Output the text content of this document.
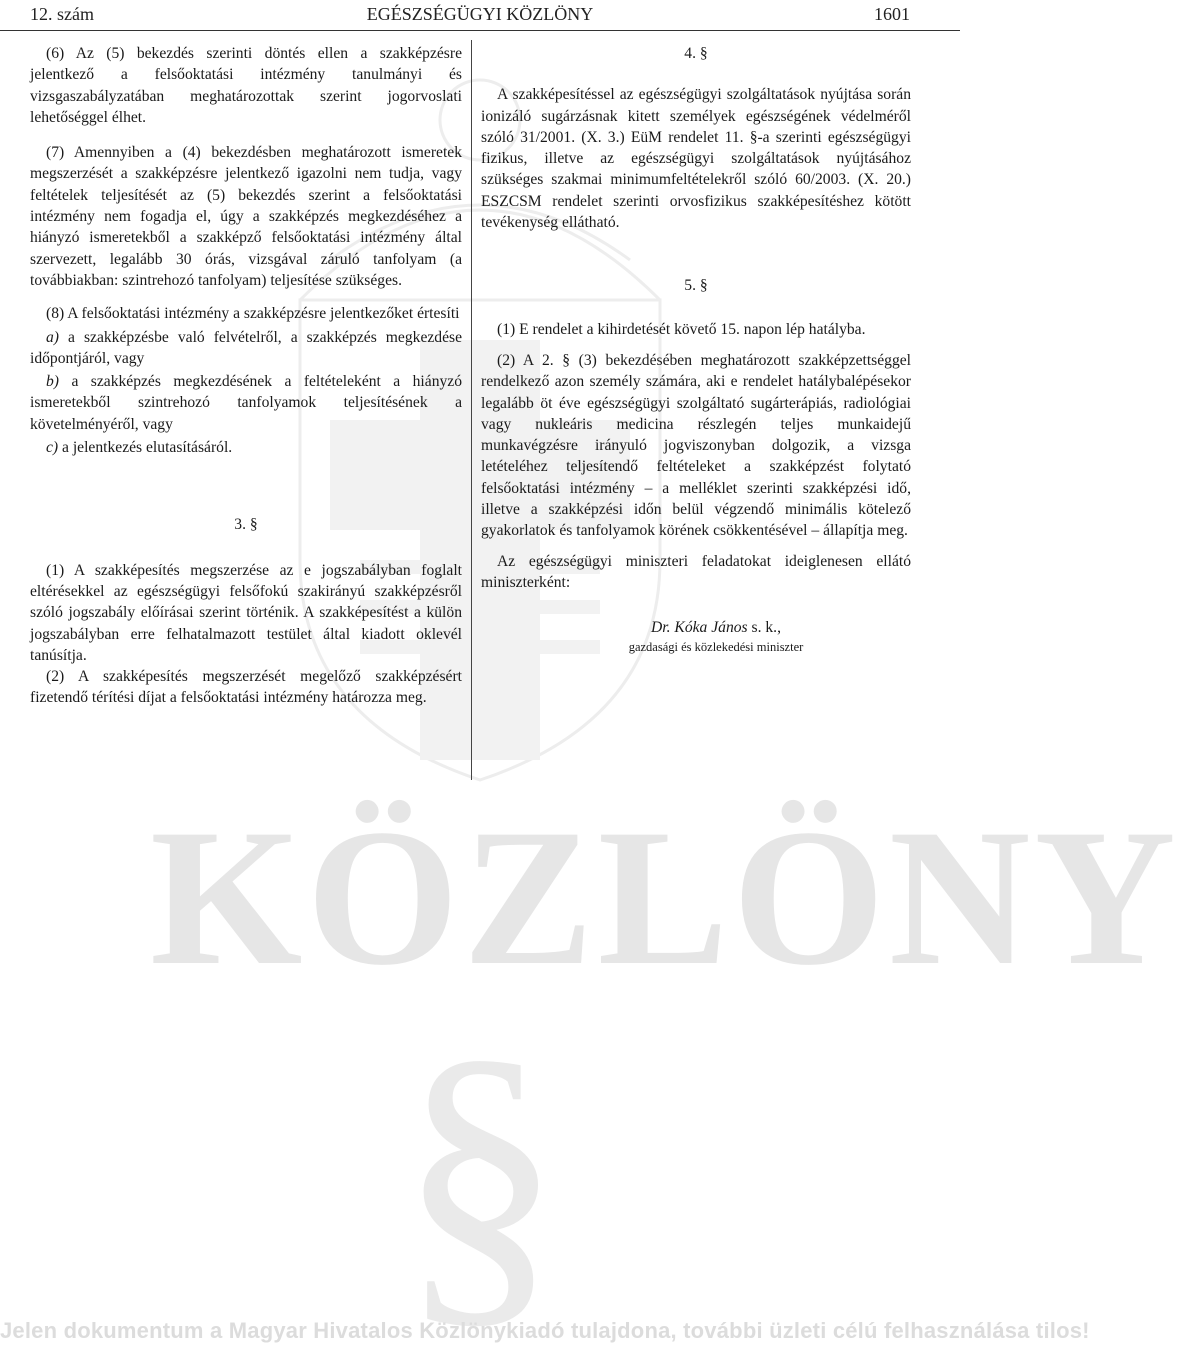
KÖZLÖNY
§
Jelen dokumentum a Magyar Hivatalos Közlönykiadó tulajdona, további üzleti célú felhasználása tilos!
12. szám	EGÉSZSÉGÜGYI KÖZLÖNY	1601

(6) Az (5) bekezdés szerinti döntés ellen a szakképzésre jelentkező a felsőoktatási intézmény tanulmányi és vizsgaszabályzatában meghatározottak szerint jogorvoslati lehetőséggel élhet.

(7) Amennyiben a (4) bekezdésben meghatározott ismeretek megszerzését a szakképzésre jelentkező igazolni nem tudja, vagy feltételek teljesítését az (5) bekezdés szerint a felsőoktatási intézmény nem fogadja el, úgy a szakképzés megkezdéséhez a hiányzó ismeretekből a szakképző felsőoktatási intézmény által szervezett, legalább 30 órás, vizsgával záruló tanfolyam (a továbbiakban: szintrehozó tanfolyam) teljesítése szükséges.

(8) A felsőoktatási intézmény a szakképzésre jelentkezőket értesíti

a) a szakképzésbe való felvételről, a szakképzés megkezdése időpontjáról, vagy

b) a szakképzés megkezdésének a feltételeként a hiányzó ismeretekből szintrehozó tanfolyamok teljesítésének a követelményéről, vagy

c) a jelentkezés elutasításáról.

3. §

(1) A szakképesítés megszerzése az e jogszabályban foglalt eltérésekkel az egészségügyi felsőfokú szakirányú szakképzésről szóló jogszabály előírásai szerint történik. A szakképesítést a külön jogszabályban erre felhatalmazott testület által kiadott oklevél tanúsítja.

(2) A szakképesítés megszerzését megelőző szakképzésért fizetendő térítési díjat a felsőoktatási intézmény határozza meg.

4. §

A szakképesítéssel az egészségügyi szolgáltatások nyújtása során ionizáló sugárzásnak kitett személyek egészségének védelméről szóló 31/2001. (X. 3.) EüM rendelet 11. §-a szerinti egészségügyi fizikus, illetve az egészségügyi szolgáltatások nyújtásához szükséges szakmai minimumfeltételekről szóló 60/2003. (X. 20.) ESZCSM rendelet szerinti orvosfizikus szakképesítéshez kötött tevékenység ellátható.

5. §

(1) E rendelet a kihirdetését követő 15. napon lép hatályba.

(2) A 2. § (3) bekezdésében meghatározott szakképzettséggel rendelkező azon személy számára, aki e rendelet hatálybalépésekor legalább öt éve egészségügyi szolgáltató sugárterápiás, radiológiai vagy nukleáris medicina részlegén teljes munkaidejű munkavégzésre irányuló jogviszonyban dolgozik, a vizsga letételéhez teljesítendő feltételeket a szakképzést folytató felsőoktatási intézmény – a melléklet szerinti szakképzési idő, illetve a szakképzési időn belül végzendő minimális kötelező gyakorlatok és tanfolyamok körének csökkentésével – állapítja meg.

Az egészségügyi miniszteri feladatokat ideiglenesen ellátó miniszterként:

Dr. Kóka János s. k.,
gazdasági és közlekedési miniszter
